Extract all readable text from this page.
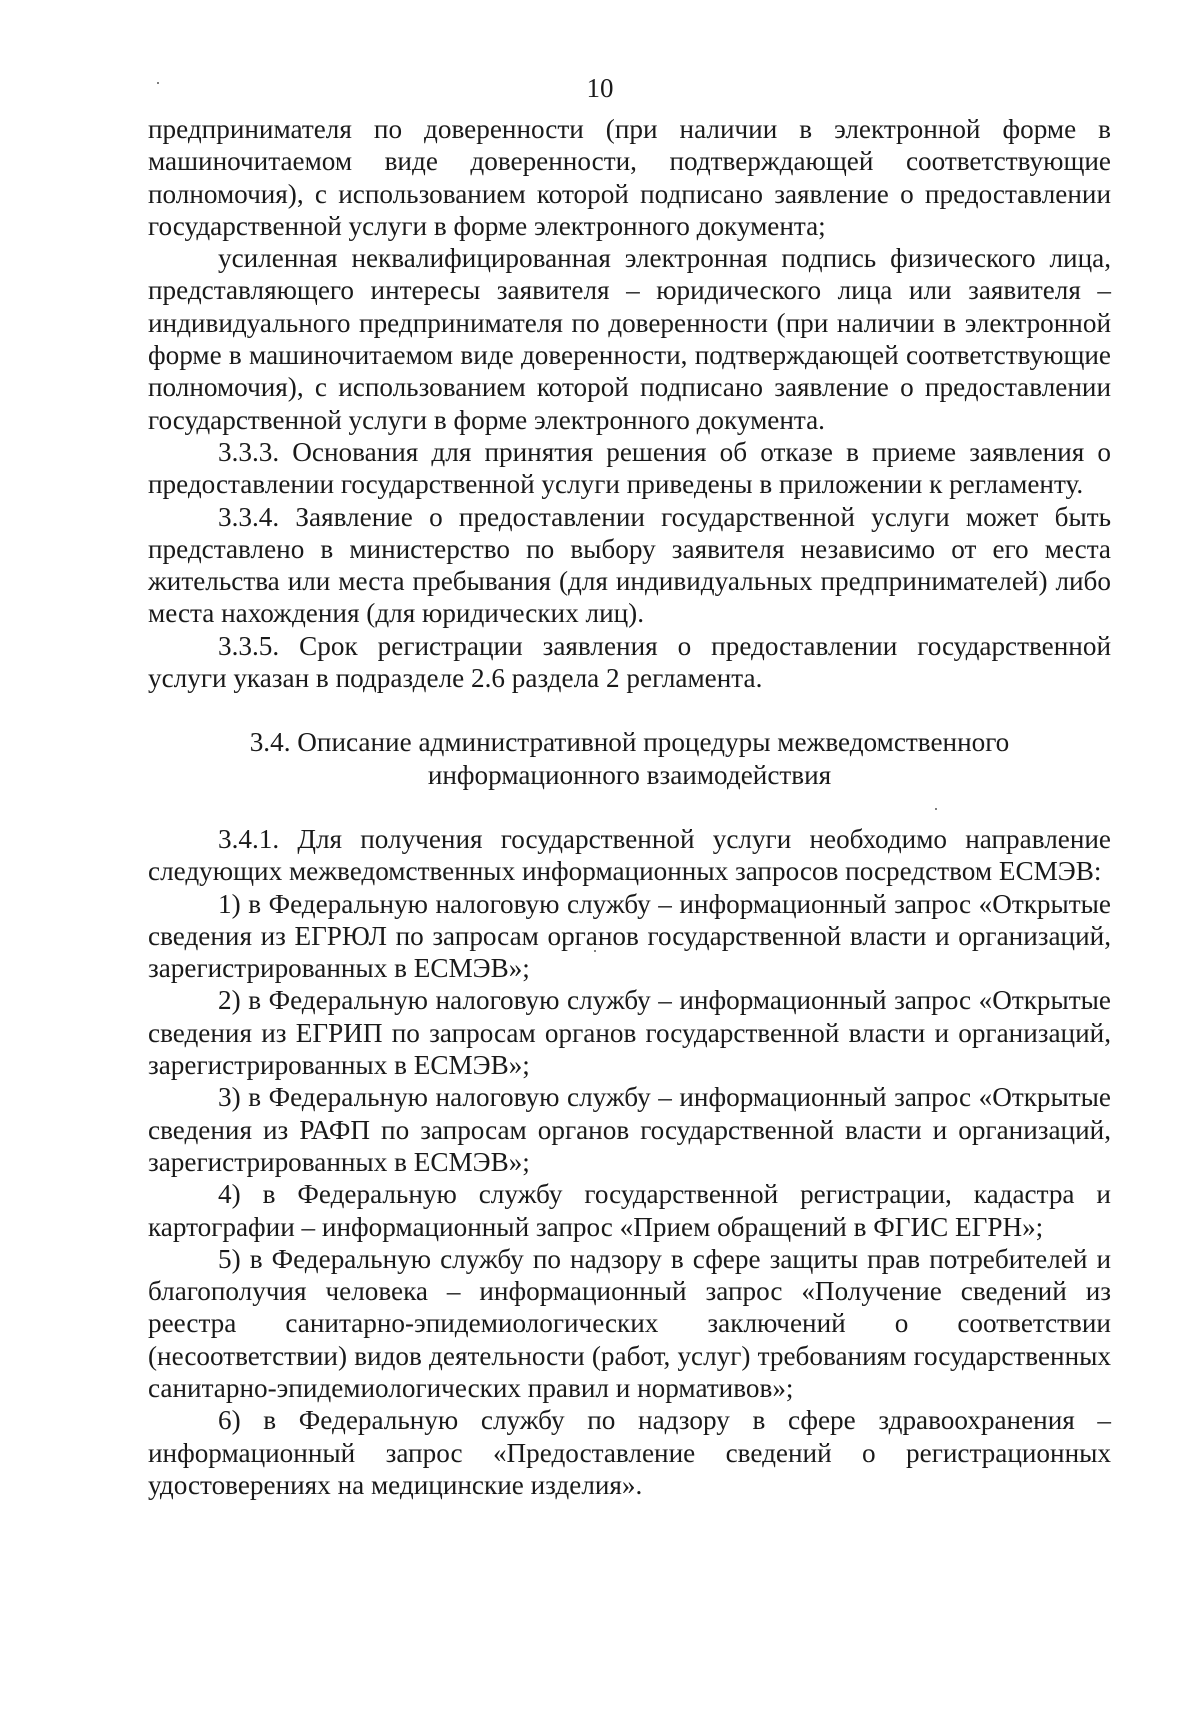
10

предпринимателя по доверенности (при наличии в электронной форме в машиночитаемом виде доверенности, подтверждающей соответствующие полномочия), с использованием которой подписано заявление о предоставлении государственной услуги в форме электронного документа;

усиленная неквалифицированная электронная подпись физического лица, представляющего интересы заявителя – юридического лица или заявителя – индивидуального предпринимателя по доверенности (при наличии в электронной форме в машиночитаемом виде доверенности, подтверждающей соответствующие полномочия), с использованием которой подписано заявление о предоставлении государственной услуги в форме электронного документа.

3.3.3. Основания для принятия решения об отказе в приеме заявления о предоставлении государственной услуги приведены в приложении к регламенту.

3.3.4. Заявление о предоставлении государственной услуги может быть представлено в министерство по выбору заявителя независимо от его места жительства или места пребывания (для индивидуальных предпринимателей) либо места нахождения (для юридических лиц).

3.3.5. Срок регистрации заявления о предоставлении государственной услуги указан в подразделе 2.6 раздела 2 регламента.

3.4. Описание административной процедуры межведомственного
информационного взаимодействия

3.4.1. Для получения государственной услуги необходимо направление следующих межведомственных информационных запросов посредством ЕСМЭВ:

1) в Федеральную налоговую службу – информационный запрос «Открытые сведения из ЕГРЮЛ по запросам органов государственной власти и организаций, зарегистрированных в ЕСМЭВ»;

2) в Федеральную налоговую службу – информационный запрос «Открытые сведения из ЕГРИП по запросам органов государственной власти и организаций, зарегистрированных в ЕСМЭВ»;

3) в Федеральную налоговую службу – информационный запрос «Открытые сведения из РАФП по запросам органов государственной власти и организаций, зарегистрированных в ЕСМЭВ»;

4) в Федеральную службу государственной регистрации, кадастра и картографии – информационный запрос «Прием обращений в ФГИС ЕГРН»;

5) в Федеральную службу по надзору в сфере защиты прав потребителей и благополучия человека – информационный запрос «Получение сведений из реестра санитарно-эпидемиологических заключений о соответствии (несоответствии) видов деятельности (работ, услуг) требованиям государственных санитарно-эпидемиологических правил и нормативов»;

6) в Федеральную службу по надзору в сфере здравоохранения – информационный запрос «Предоставление сведений о регистрационных удостоверениях на медицинские изделия».
